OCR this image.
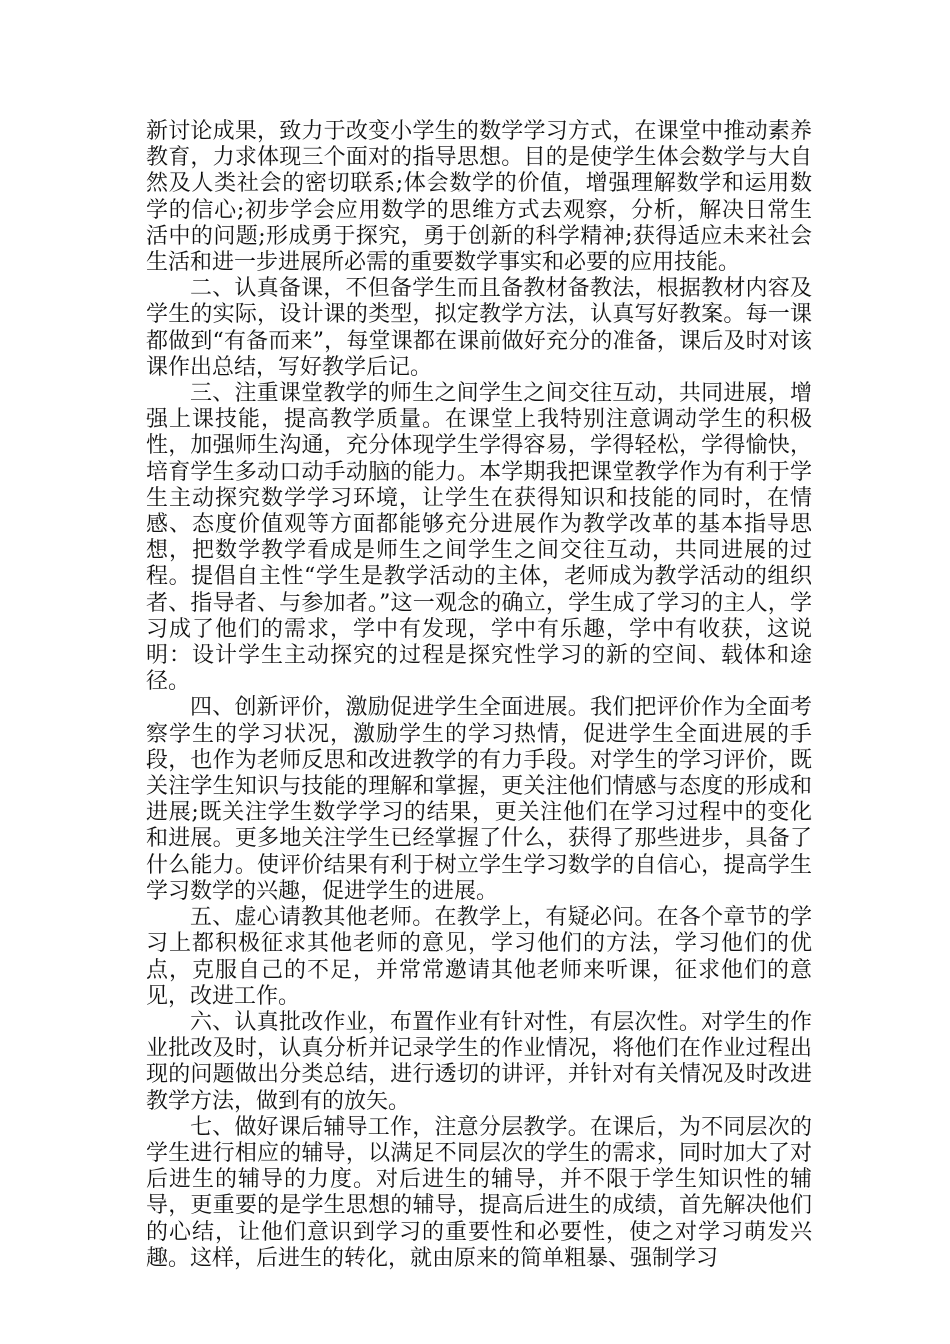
新讨论成果，致力于改变小学生的数学学习方式，在课堂中推动素养教育，力求体现三个面对的指导思想。目的是使学生体会数学与大自然及人类社会的密切联系;体会数学的价值，增强理解数学和运用数学的信心;初步学会应用数学的思维方式去观察，分析，解决日常生活中的问题;形成勇于探究，勇于创新的科学精神;获得适应未来社会生活和进一步进展所必需的重要数学事实和必要的应用技能。

二、认真备课，不但备学生而且备教材备教法，根据教材内容及学生的实际，设计课的类型，拟定教学方法，认真写好教案。每一课都做到“有备而来”，每堂课都在课前做好充分的准备，课后及时对该课作出总结，写好教学后记。

三、注重课堂教学的师生之间学生之间交往互动，共同进展，增强上课技能，提高教学质量。在课堂上我特别注意调动学生的积极性，加强师生沟通，充分体现学生学得容易，学得轻松，学得愉快，培育学生多动口动手动脑的能力。本学期我把课堂教学作为有利于学生主动探究数学学习环境，让学生在获得知识和技能的同时，在情感、态度价值观等方面都能够充分进展作为教学改革的基本指导思想，把数学教学看成是师生之间学生之间交往互动，共同进展的过程。提倡自主性“学生是教学活动的主体，老师成为教学活动的组织者、指导者、与参加者。”这一观念的确立，学生成了学习的主人，学习成了他们的需求，学中有发现，学中有乐趣，学中有收获，这说明：设计学生主动探究的过程是探究性学习的新的空间、载体和途径。

四、创新评价，激励促进学生全面进展。我们把评价作为全面考察学生的学习状况，激励学生的学习热情，促进学生全面进展的手段，也作为老师反思和改进教学的有力手段。对学生的学习评价，既关注学生知识与技能的理解和掌握，更关注他们情感与态度的形成和进展;既关注学生数学学习的结果，更关注他们在学习过程中的变化和进展。更多地关注学生已经掌握了什么，获得了那些进步，具备了什么能力。使评价结果有利于树立学生学习数学的自信心，提高学生学习数学的兴趣，促进学生的进展。

五、虚心请教其他老师。在教学上，有疑必问。在各个章节的学习上都积极征求其他老师的意见，学习他们的方法，学习他们的优点，克服自己的不足，并常常邀请其他老师来听课，征求他们的意见，改进工作。

六、认真批改作业，布置作业有针对性，有层次性。对学生的作业批改及时，认真分析并记录学生的作业情况，将他们在作业过程出现的问题做出分类总结，进行透切的讲评，并针对有关情况及时改进教学方法，做到有的放矢。

七、做好课后辅导工作，注意分层教学。在课后，为不同层次的学生进行相应的辅导，以满足不同层次的学生的需求，同时加大了对后进生的辅导的力度。对后进生的辅导，并不限于学生知识性的辅导，更重要的是学生思想的辅导，提高后进生的成绩，首先解决他们的心结，让他们意识到学习的重要性和必要性，使之对学习萌发兴趣。这样，后进生的转化，就由原来的简单粗暴、强制学习
